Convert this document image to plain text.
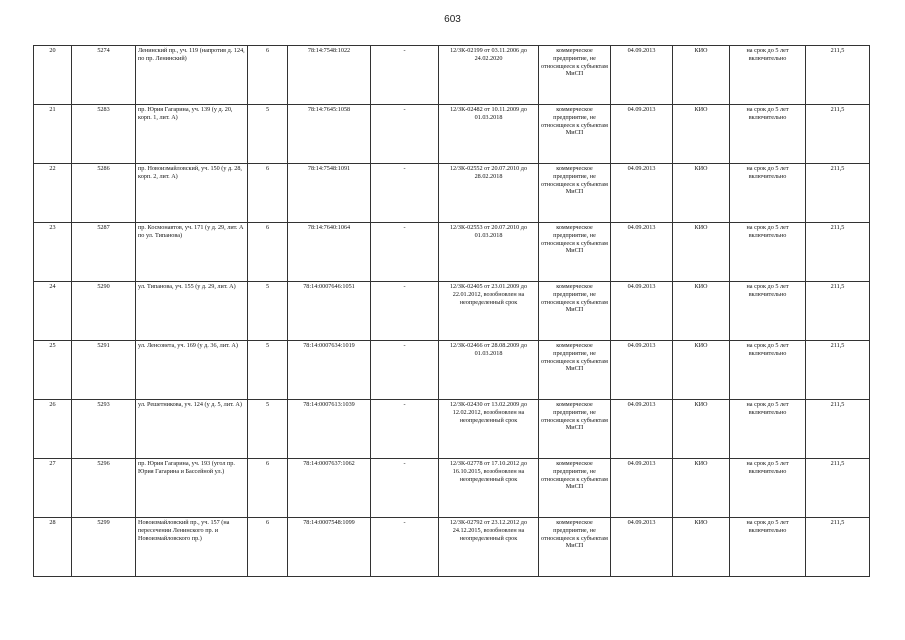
603
20	5274	Ленинский пр., уч. 119 (напротив д. 124, по пр. Ленинский)	6	78:14:7548:1022	-	12/ЗК-02199 от 03.11.2006 до 24.02.2020	коммерческое предприятие, не относящееся к субъектам МиСП	04.09.2013	КИО	на срок до 5 лет включительно	211,5
21	5283	пр. Юрия Гагарина, уч. 139 (у д. 20, корп. 1, лит. А)	5	78:14:7645:1058	-	12/ЗК-02482 от 10.11.2009 до 01.03.2018	коммерческое предприятие, не относящееся к субъектам МиСП	04.09.2013	КИО	на срок до 5 лет включительно	211,5
22	5286	пр. Новоизмайловский, уч. 150 (у д. 28, корп. 2, лит. А)	6	78:14:7548:1091	-	12/ЗК-02552 от 20.07.2010 до 28.02.2018	коммерческое предприятие, не относящееся к субъектам МиСП	04.09.2013	КИО	на срок до 5 лет включительно	211,5
23	5287	пр. Космонавтов, уч. 171 (у д. 29, лит. А по ул. Типанова)	6	78:14:7640:1064	-	12/ЗК-02553 от 20.07.2010 до 01.03.2018	коммерческое предприятие, не относящееся к субъектам МиСП	04.09.2013	КИО	на срок до 5 лет включительно	211,5
24	5290	ул. Типанова, уч. 155 (у д. 29, лит. А)	5	78:14:0007646:1051	-	12/ЗК-02405 от 23.01.2009 до 22.01.2012, возобновлен на неопределенный срок	коммерческое предприятие, не относящееся к субъектам МиСП	04.09.2013	КИО	на срок до 5 лет включительно	211,5
25	5291	ул. Ленсовета, уч. 169 (у д. 36, лит. А)	5	78:14:0007634:1019	-	12/ЗК-02466 от 28.08.2009 до 01.03.2018	коммерческое предприятие, не относящееся к субъектам МиСП	04.09.2013	КИО	на срок до 5 лет включительно	211,5
26	5293	ул. Решетникова, уч. 124 (у д. 5, лит. А)	5	78:14:0007613:1039	-	12/ЗК-02430 от 13.02.2009 до 12.02.2012, возобновлен на неопределенный срок	коммерческое предприятие, не относящееся к субъектам МиСП	04.09.2013	КИО	на срок до 5 лет включительно	211,5
27	5296	пр. Юрия Гагарина, уч. 193 (угол пр. Юрия Гагарина и Бассейной ул.)	6	78:14:0007637:1062	-	12/ЗК-02778 от 17.10.2012 до 16.10.2015, возобновлен на неопределенный срок	коммерческое предприятие, не относящееся к субъектам МиСП	04.09.2013	КИО	на срок до 5 лет включительно	211,5
28	5299	Новоизмайловский пр., уч. 157 (на пересечении Ленинского пр. и Новоизмайловского пр.)	6	78:14:0007548:1099	-	12/ЗК-02792 от 23.12.2012 до 24.12.2015, возобновлен на неопределенный срок	коммерческое предприятие, не относящееся к субъектам МиСП	04.09.2013	КИО	на срок до 5 лет включительно	211,5
